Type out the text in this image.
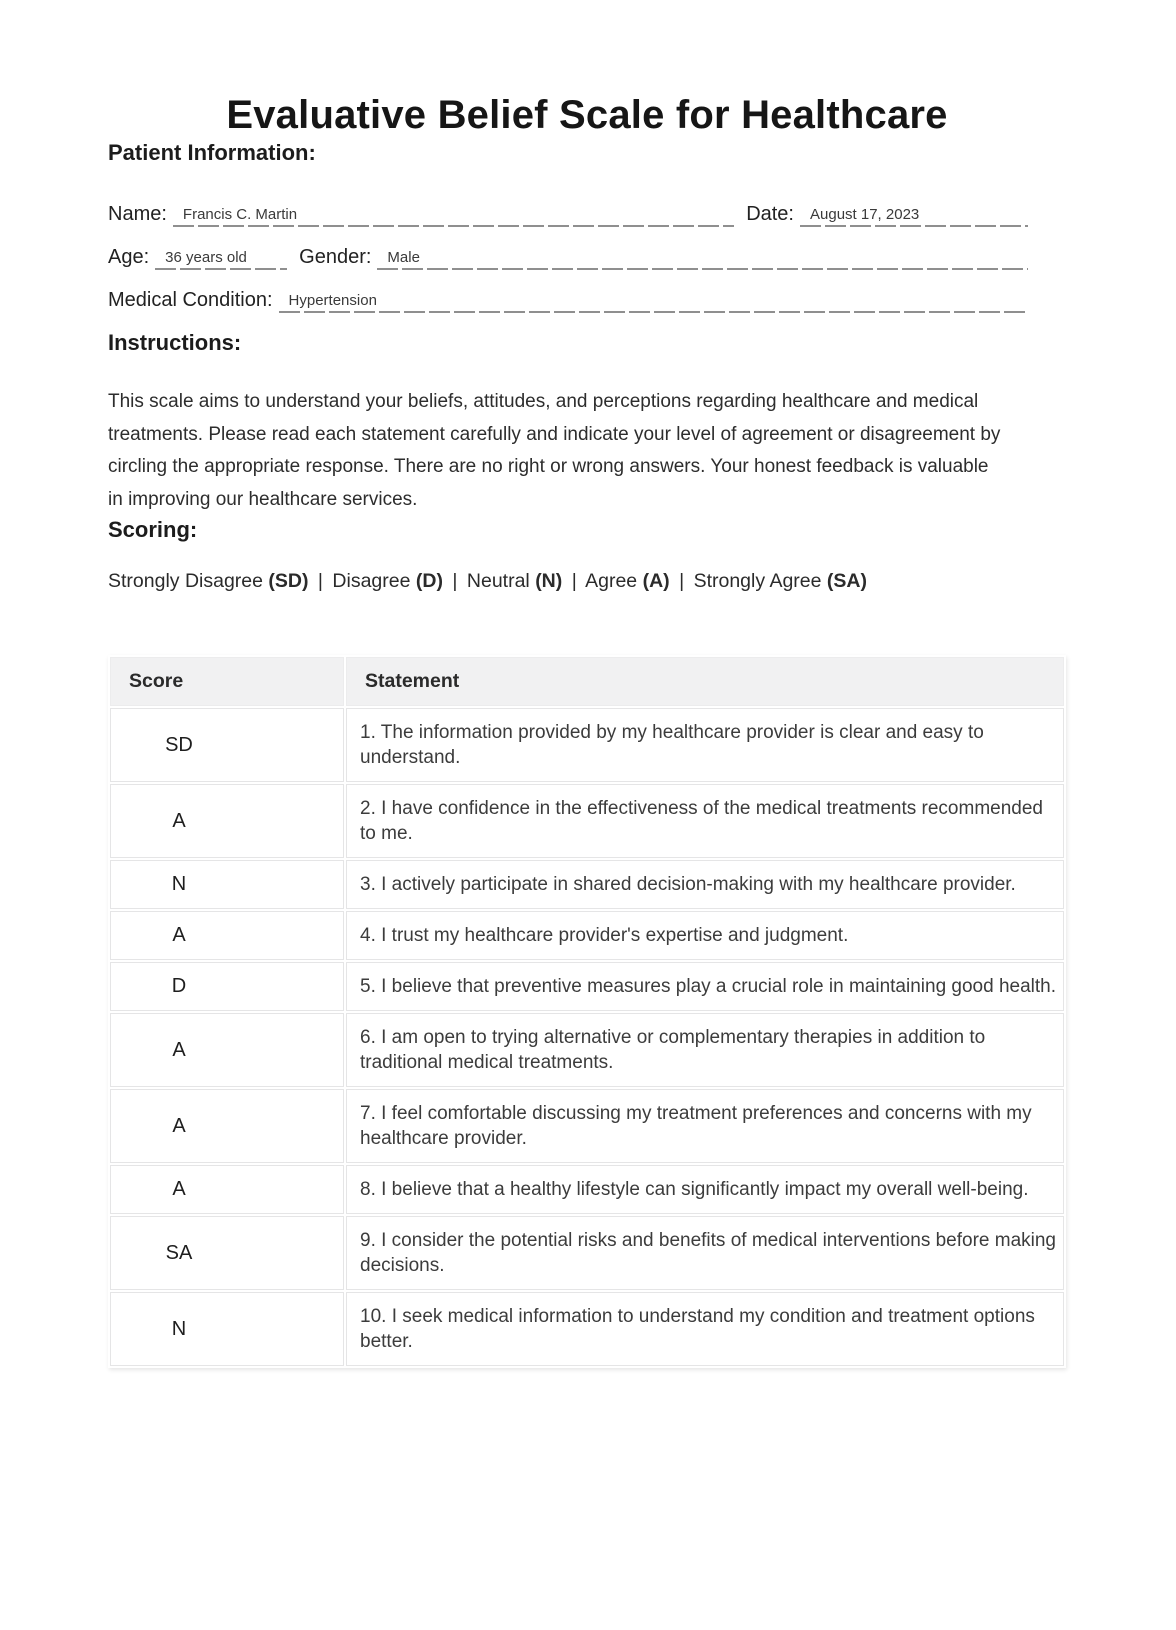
Evaluative Belief Scale for Healthcare
Patient Information:
Name:	Francis C. Martin	Date:	August 17, 2023
Age:	36 years old	Gender:	Male
Medical Condition:	Hypertension
Instructions:

This scale aims to understand your beliefs, attitudes, and perceptions regarding healthcare and medical treatments. Please read each statement carefully and indicate your level of agreement or disagreement by circling the appropriate response. There are no right or wrong answers. Your honest feedback is valuable in improving our healthcare services.

Scoring:

Strongly Disagree (SD) | Disagree (D) | Neutral (N) | Agree (A) | Strongly Agree (SA)

Score	Statement
SD	1. The information provided by my healthcare provider is clear and easy to understand.
A	2. I have confidence in the effectiveness of the medical treatments recommended to me.
N	3. I actively participate in shared decision-making with my healthcare provider.
A	4. I trust my healthcare provider's expertise and judgment.
D	5. I believe that preventive measures play a crucial role in maintaining good health.
A	6. I am open to trying alternative or complementary therapies in addition to traditional medical treatments.
A	7. I feel comfortable discussing my treatment preferences and concerns with my healthcare provider.
A	8. I believe that a healthy lifestyle can significantly impact my overall well-being.
SA	9. I consider the potential risks and benefits of medical interventions before making decisions.
N	10. I seek medical information to understand my condition and treatment options better.
